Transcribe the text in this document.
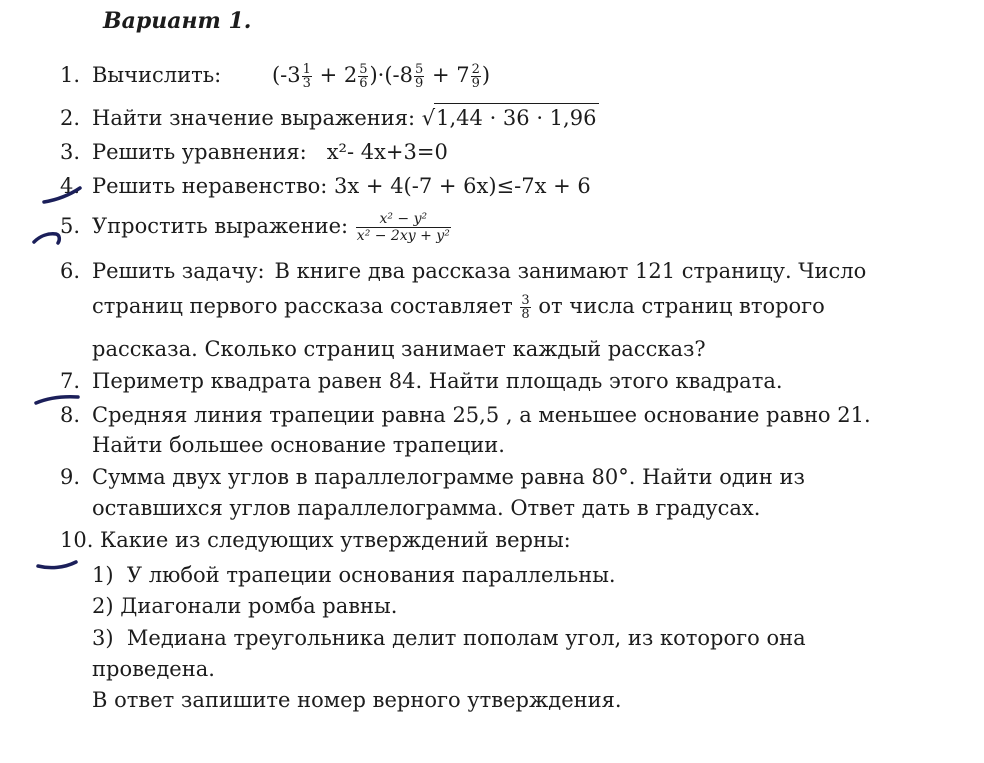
Вариант 1.
1. Вычислить: $(-3 \frac{1}{3} + 2 \frac{5}{6} )\cdot(-8 \frac{5}{9} + 7 \frac{2}{9}$ )
2. Найти значение выражения: √1,44 · 36 · 1,96
3. Решить уравнения: x²- 4x+3=0
4. Решить неравенство: 3x + 4(-7 + 6x)≤-7x + 6
5. Упростить выражение: $\frac{\text{x² − y²}}{\text{x² − 2xy + y²}}$
6. Решить задачу: В книге два рассказа занимают 121 страницу. Число
страниц первого рассказа составляет $\frac{3}{8}$ от числа страниц второго
рассказа. Сколько страниц занимает каждый рассказ?
7. Периметр квадрата равен 84. Найти площадь этого квадрата.
8. Средняя линия трапеции равна 25,5 , а меньшее основание равно 21.
Найти большее основание трапеции.
9. Сумма двух углов в параллелограмме равна 80°. Найти один из
оставшихся углов параллелограмма. Ответ дать в градусах.
10. Какие из следующих утверждений верны:
1) У любой трапеции основания параллельны.
2) Диагонали ромба равны.
3) Медиана треугольника делит пополам угол, из которого она
проведена.
В ответ запишите номер верного утверждения.
